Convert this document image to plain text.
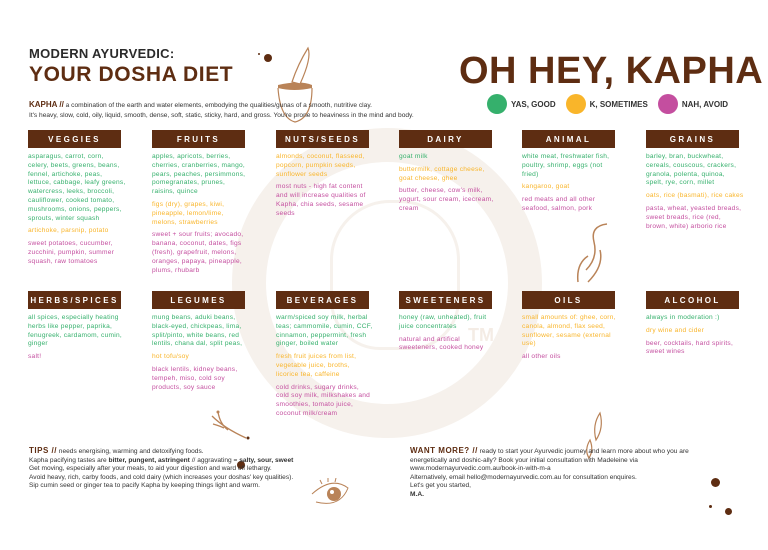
TM
MODERN AYURVEDIC:
YOUR DOSHA DIET	OH HEY, KAPHA
KAPHA // a combination of the earth and water elements, embodying the qualities/gunas of a smooth, nutritive clay.
It's heavy, slow, cold, oily, liquid, smooth, dense, soft, static, sticky, hard, and gross. You're prone to heaviness in the mind and body.
YAS, GOOD	K, SOMETIMES	NAH, AVOID
VEGGIES
asparagus, carrot, corn, celery, beets, greens, beans, fennel, artichoke, peas, lettuce, cabbage, leafy greens, watercress, leeks, broccoli, cauliflower, cooked tomato, mushrooms, onions, peppers, sprouts, winter squash
artichoke, parsnip, potato
sweet potatoes, cucumber, zucchini, pumpkin, summer squash, raw tomatoes
FRUITS
apples, apricots, berries, cherries, cranberries, mango, pears, peaches, persimmons, pomegranates, prunes, raisins, quince
figs (dry), grapes, kiwi, pineapple, lemon/lime, melons, strawberries
sweet + sour fruits; avocado, banana, coconut, dates, figs (fresh), grapefruit, melons, oranges, papaya, pineapple, plums, rhubarb
NUTS/SEEDS
almonds, coconut, flasseed, popcorn, pumpkin seeds, sunflower seeds
most nuts - high fat content and will increase qualities of Kapha, chia seeds, sesame seeds
DAIRY
goat milk
buttermilk, cottage cheese, goat cheese, ghee
butter, cheese, cow's milk, yogurt, sour cream, icecream, cream
ANIMAL
white meat, freshwater fish, poultry, shrimp, eggs (not fried)
kangaroo, goat
red meats and all other seafood, salmon, pork
GRAINS
barley, bran, buckwheat, cereals, couscous, crackers, granola, polenta, quinoa, spelt, rye, corn, millet
oats, rice (basmati), rice cakes
pasta, wheat, yeasted breads, sweet breads, rice (red, brown, white) arborio rice
HERBS/SPICES
all spices, especially heating herbs like pepper, paprika, fenugreek, cardamom, cumin, ginger
salt!
LEGUMES
mung beans, aduki beans, black-eyed, chickpeas, lima, split/pinto, white beans, red lentils, chana dal, split peas,
hot tofu/soy
black lentils, kidney beans, tempeh, miso, cold soy products, soy sauce
BEVERAGES
warm/spiced soy milk, herbal teas; cammomile, cumin, CCF, cinnamon, peppermint, fresh ginger, boiled water
fresh fruit juices from list, vegetable juice, broths, licorice tea, caffeine
cold drinks, sugary drinks, cold soy milk, milkshakes and smoothies, tomato juice, coconut milk/cream
SWEETENERS
honey (raw, unheated), fruit juice concentrates
natural and artifical sweeteners, cooked honey
OILS
small amounts of: ghee, corn, canola, almond, flax seed, sunflower, sesame (external use)
all other oils
ALCOHOL
always in moderation :)
dry wine and cider
beer, cocktails, hard spirits, sweet wines
TIPS // needs energising, warming and detoxifying foods.
Kapha pacifying tastes are bitter, pungent, astringent // aggravating = salty, sour, sweet
Get moving, especially after your meals, to aid your digestion and ward off lethargy.
Avoid heavy, rich, carby foods, and cold dairy (which increases your doshas' key qualities).
Sip cumin seed or ginger tea to pacify Kapha by keeping things light and warm.
WANT MORE? // ready to start your Ayurvedic journey and learn more about who you are
energetically and doshic-ally? Book your initial consultation with Madeleine via
www.modernayurvedic.com.au/book-in-with-m-a
Alternatively, email hello@modernayurvedic.com.au for consultation enquires.
Let's get you started,
M.A.
